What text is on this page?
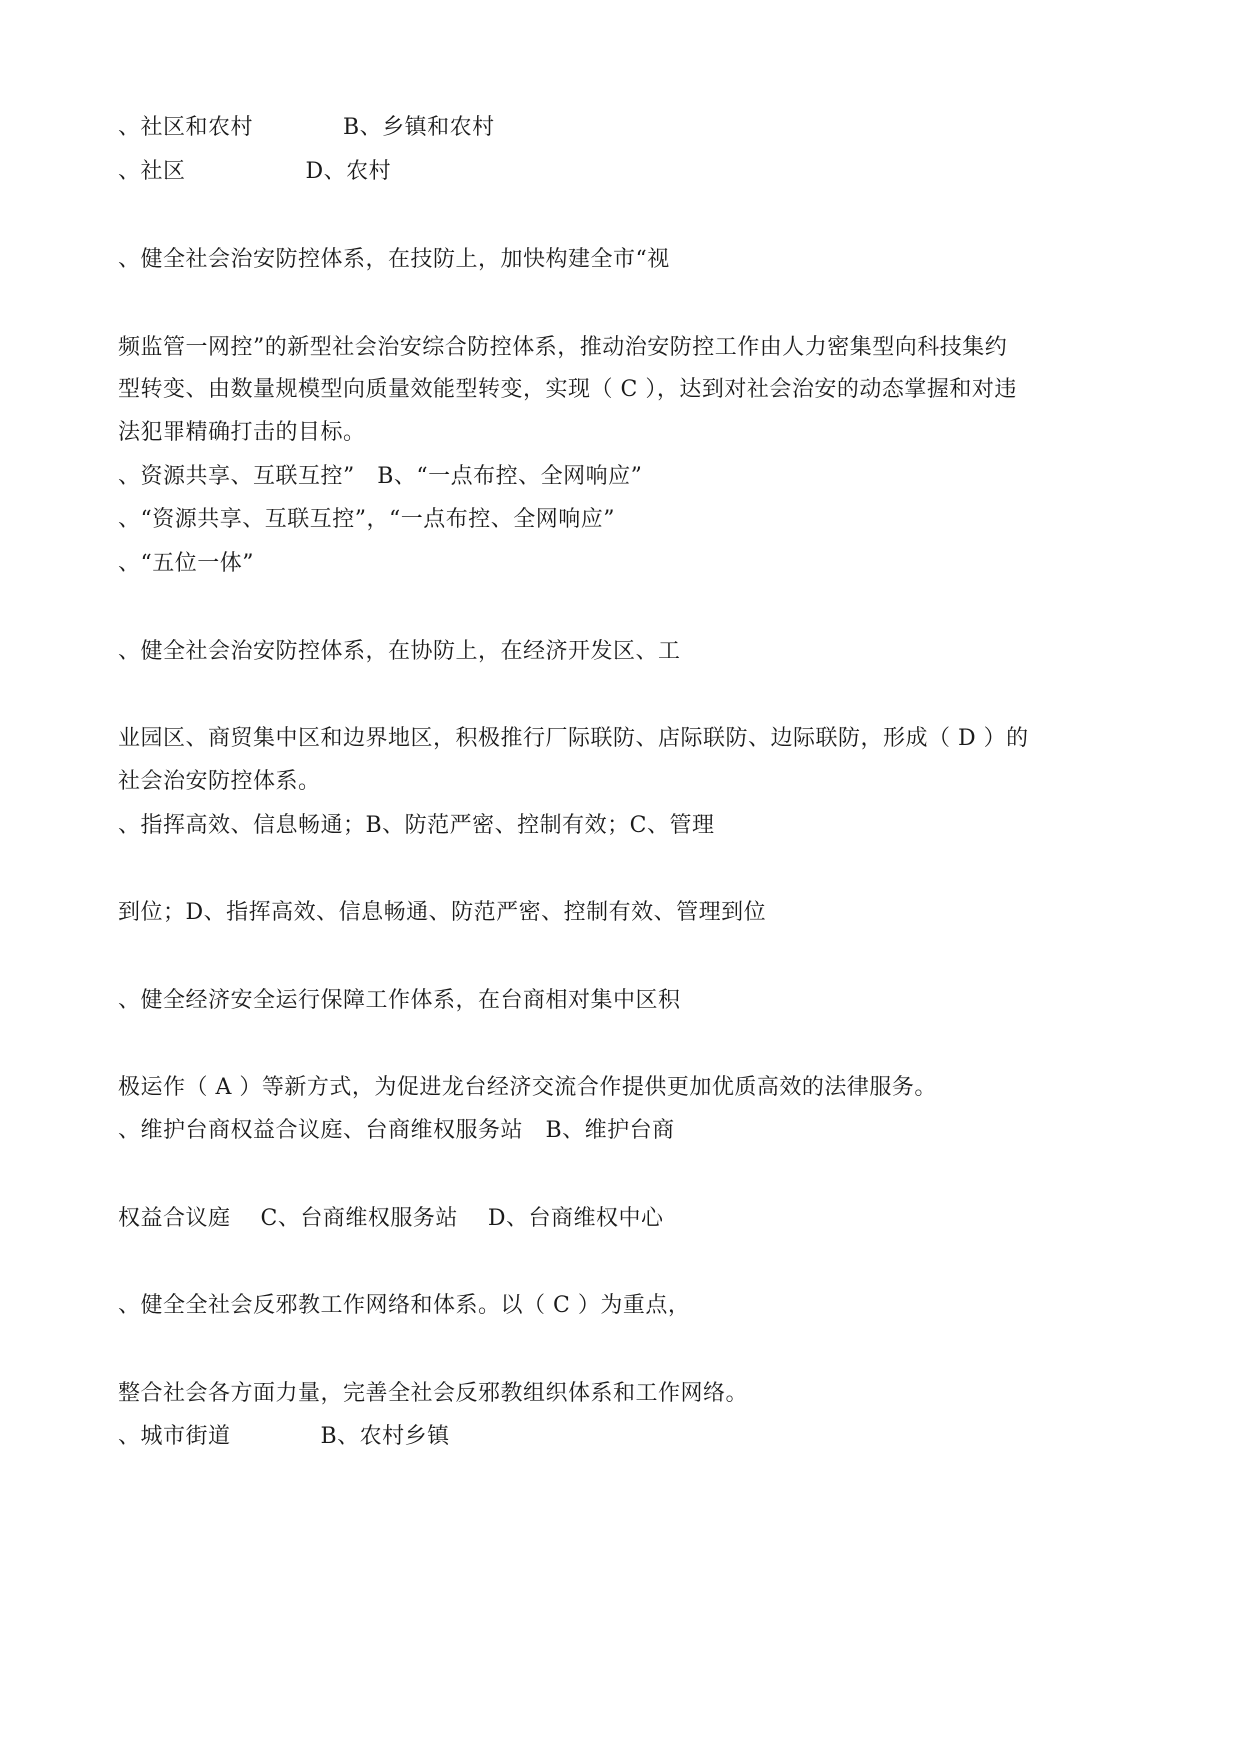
、社区和农村　　　　B、乡镇和农村
、社区　　　　　 D、农村
、健全社会治安防控体系，在技防上，加快构建全市“视
频监管一网控”的新型社会治安综合防控体系，推动治安防控工作由人力密集型向科技集约
型转变、由数量规模型向质量效能型转变，实现（ C ），达到对社会治安的动态掌握和对违
法犯罪精确打击的目标。
、资源共享、互联互控”　B、“一点布控、全网响应”
、“资源共享、互联互控”，“一点布控、全网响应”
、“五位一体”
、健全社会治安防控体系，在协防上，在经济开发区、工
业园区、商贸集中区和边界地区，积极推行厂际联防、店际联防、边际联防，形成（ D ）的
社会治安防控体系。
、指挥高效、信息畅通；B、防范严密、控制有效；C、管理
到位；D、指挥高效、信息畅通、防范严密、控制有效、管理到位
、健全经济安全运行保障工作体系，在台商相对集中区积
极运作（ A ）等新方式，为促进龙台经济交流合作提供更加优质高效的法律服务。
、维护台商权益合议庭、台商维权服务站　B、维护台商
权益合议庭　 C、台商维权服务站　 D、台商维权中心
、健全全社会反邪教工作网络和体系。以（ C ）为重点，
整合社会各方面力量，完善全社会反邪教组织体系和工作网络。
、城市街道　　　　B、农村乡镇
